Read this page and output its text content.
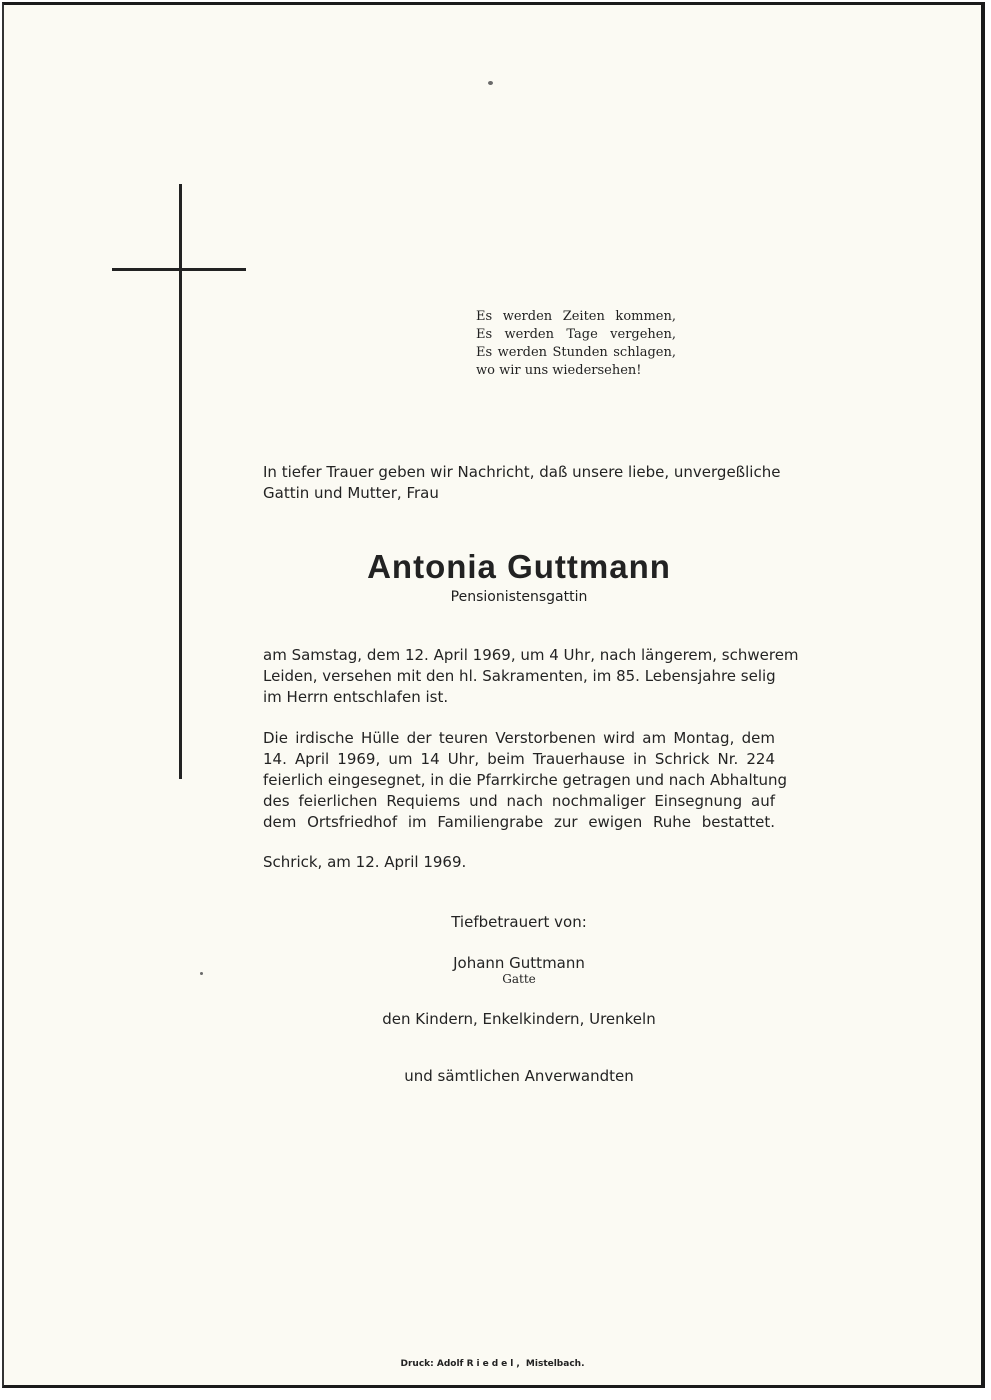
Es werden Zeiten kommen,
Es werden Tage vergehen,
Es werden Stunden schlagen,
wo wir uns wiedersehen!
In tiefer Trauer geben wir Nachricht, daß unsere liebe, unvergeßliche
Gattin und Mutter, Frau
Antonia Guttmann
Pensionistensgattin
am Samstag, dem 12. April 1969, um 4 Uhr, nach längerem, schwerem
Leiden, versehen mit den hl. Sakramenten, im 85. Lebensjahre selig
im Herrn entschlafen ist.
Die irdische Hülle der teuren Verstorbenen wird am Montag, dem
14. April 1969, um 14 Uhr, beim Trauerhause in Schrick Nr. 224
feierlich eingesegnet, in die Pfarrkirche getragen und nach Abhaltung
des feierlichen Requiems und nach nochmaliger Einsegnung auf
dem Ortsfriedhof im Familiengrabe zur ewigen Ruhe bestattet.
Schrick, am 12. April 1969.
Tiefbetrauert von:
Johann Guttmann
Gatte
den Kindern, Enkelkindern, Urenkeln
und sämtlichen Anverwandten
Druck: Adolf Riedel, Mistelbach.
